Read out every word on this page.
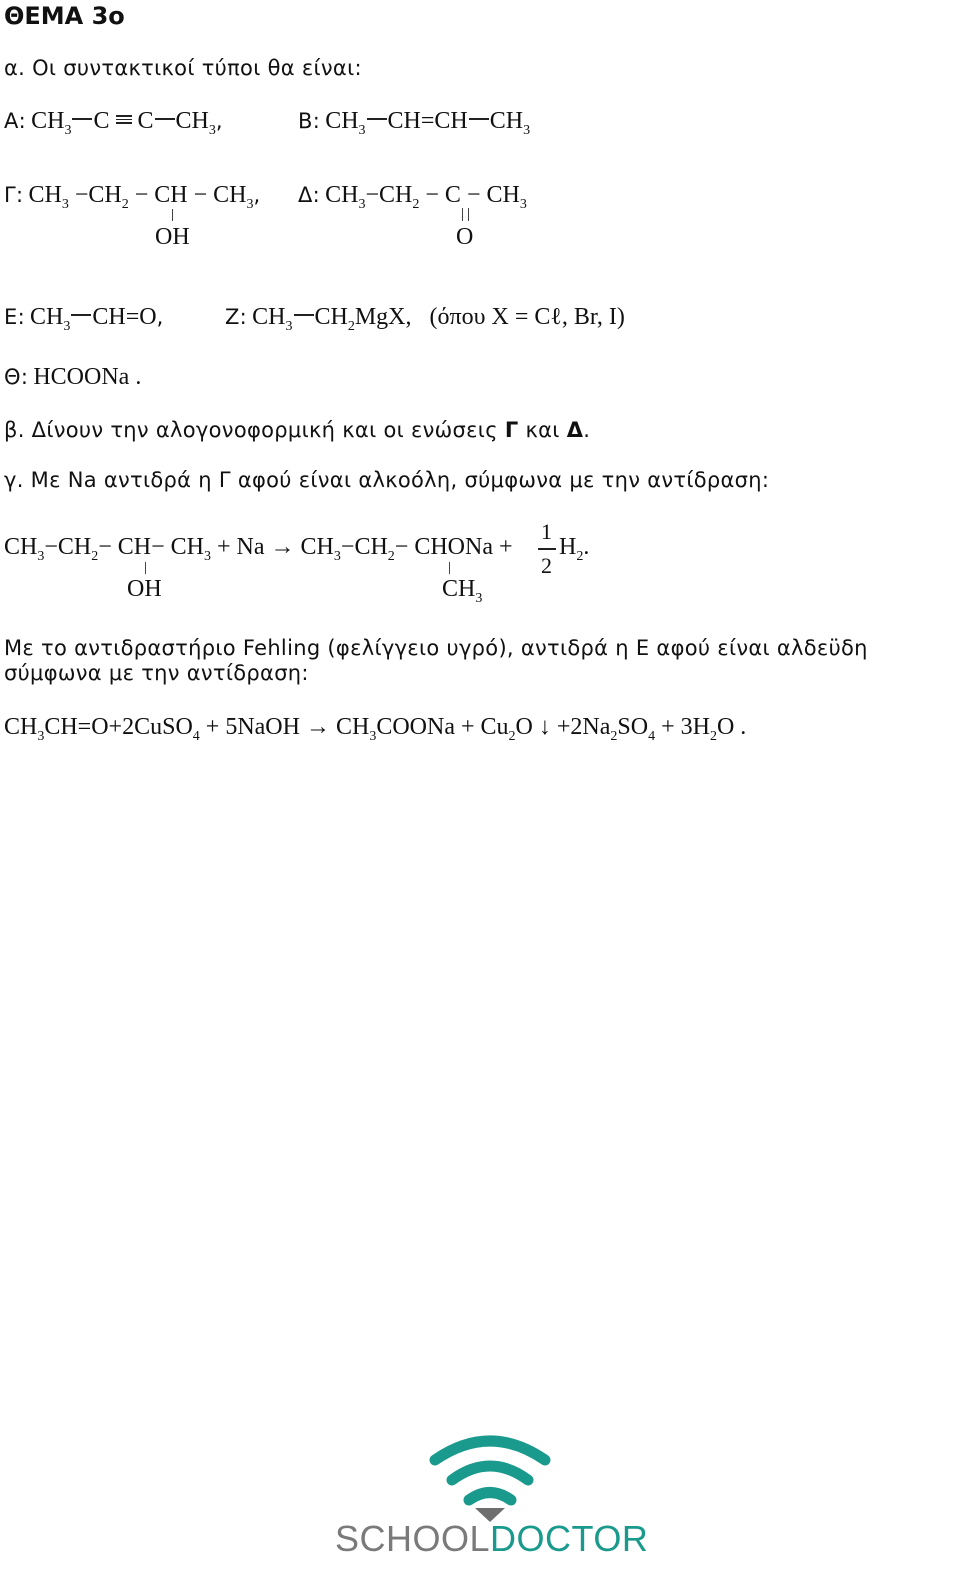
ΘΕΜΑ 3ο
α. Οι συντακτικοί τύποι θα είναι:
Α: $CH_3$ C C $CH_3$,	Β: $CH_3$ CH=CH $CH_3$
Γ: $CH_3 -CH_2$ − CH − $CH_3$,
OH
Δ: $CH_3-CH_2 - C - CH_3$
O
Ε: $CH_3$ CH=O,	Ζ: $CH_3$ $CH_2MgX$, (όπου X = Cℓ, Br, I)
Θ: HCOONa .
β. Δίνουν την αλογονοφορμική και οι ενώσεις Γ και Δ.
γ. Με Na αντιδρά η Γ αφού είναι αλκοόλη, σύμφωνα με την αντίδραση:
$CH_3-CH_2- CH- CH_3 + Na \to CH_3-CH_2-$ CHONa +
1
2
$H_2$.
OH	$CH_3$
Με το αντιδραστήριο Fehling (φελίγγειο υγρό), αντιδρά η Ε αφού είναι αλδεϋδη σύμφωνα με την αντίδραση:
$CH_3CH=O+2CuSO_4$ + 5NaOH → $CH_3COONa + Cu_2O$ ↓ $+2Na_2SO_4 + 3H_2O$ .
SCHOOLDOCTOR
